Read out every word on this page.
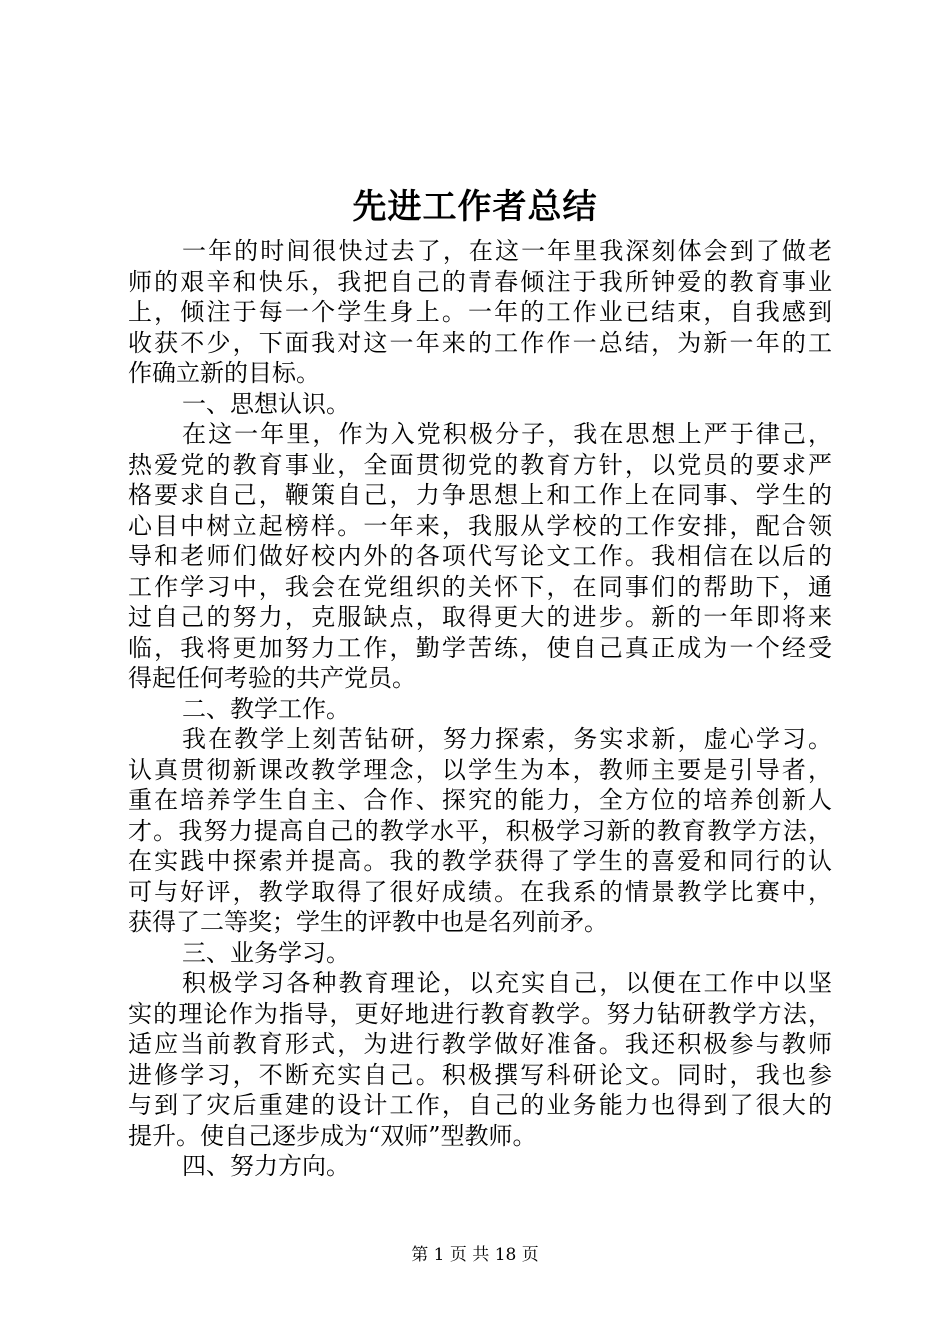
先进工作者总结
一年的时间很快过去了，在这一年里我深刻体会到了做老
师的艰辛和快乐，我把自己的青春倾注于我所钟爱的教育事业
上，倾注于每一个学生身上。一年的工作业已结束，自我感到
收获不少，下面我对这一年来的工作作一总结，为新一年的工
作确立新的目标。
一、思想认识。
在这一年里，作为入党积极分子，我在思想上严于律己，
热爱党的教育事业，全面贯彻党的教育方针，以党员的要求严
格要求自己，鞭策自己，力争思想上和工作上在同事、学生的
心目中树立起榜样。一年来，我服从学校的工作安排，配合领
导和老师们做好校内外的各项代写论文工作。我相信在以后的
工作学习中，我会在党组织的关怀下，在同事们的帮助下，通
过自己的努力，克服缺点，取得更大的进步。新的一年即将来
临，我将更加努力工作，勤学苦练，使自己真正成为一个经受
得起任何考验的共产党员。
二、教学工作。
我在教学上刻苦钻研，努力探索，务实求新，虚心学习。
认真贯彻新课改教学理念，以学生为本，教师主要是引导者，
重在培养学生自主、合作、探究的能力，全方位的培养创新人
才。我努力提高自己的教学水平，积极学习新的教育教学方法，
在实践中探索并提高。我的教学获得了学生的喜爱和同行的认
可与好评，教学取得了很好成绩。在我系的情景教学比赛中，
获得了二等奖；学生的评教中也是名列前矛。
三、业务学习。
积极学习各种教育理论，以充实自己，以便在工作中以坚
实的理论作为指导，更好地进行教育教学。努力钻研教学方法，
适应当前教育形式，为进行教学做好准备。我还积极参与教师
进修学习，不断充实自己。积极撰写科研论文。同时，我也参
与到了灾后重建的设计工作，自己的业务能力也得到了很大的
提升。使自己逐步成为“双师”型教师。
四、努力方向。
第 1 页 共 18 页
